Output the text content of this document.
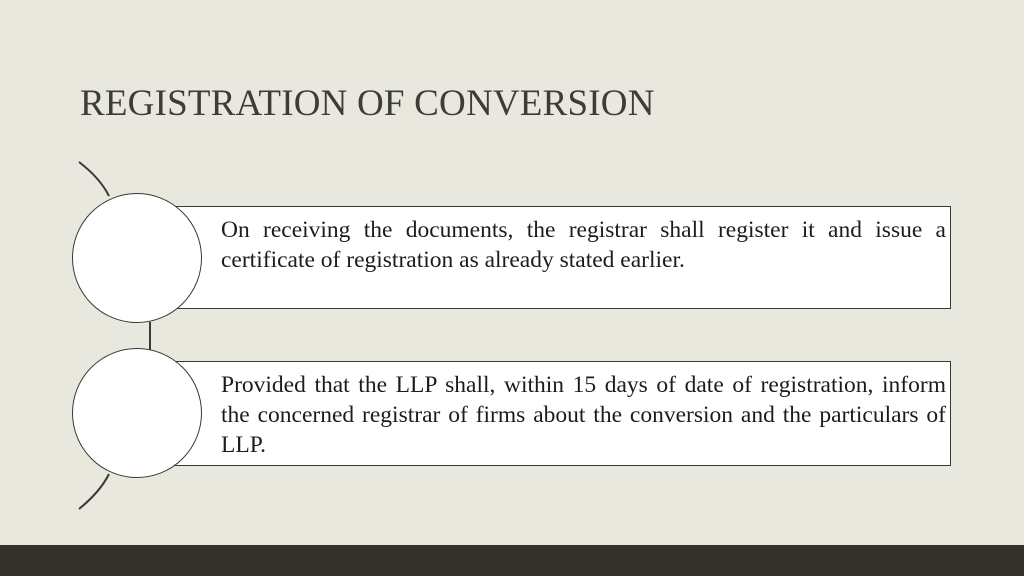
REGISTRATION OF CONVERSION

On receiving the documents, the registrar shall register it and issue a certificate of registration as already stated earlier.

Provided that the LLP shall, within 15 days of date of registration, inform the concerned registrar of firms about the conversion and the particulars of LLP.
